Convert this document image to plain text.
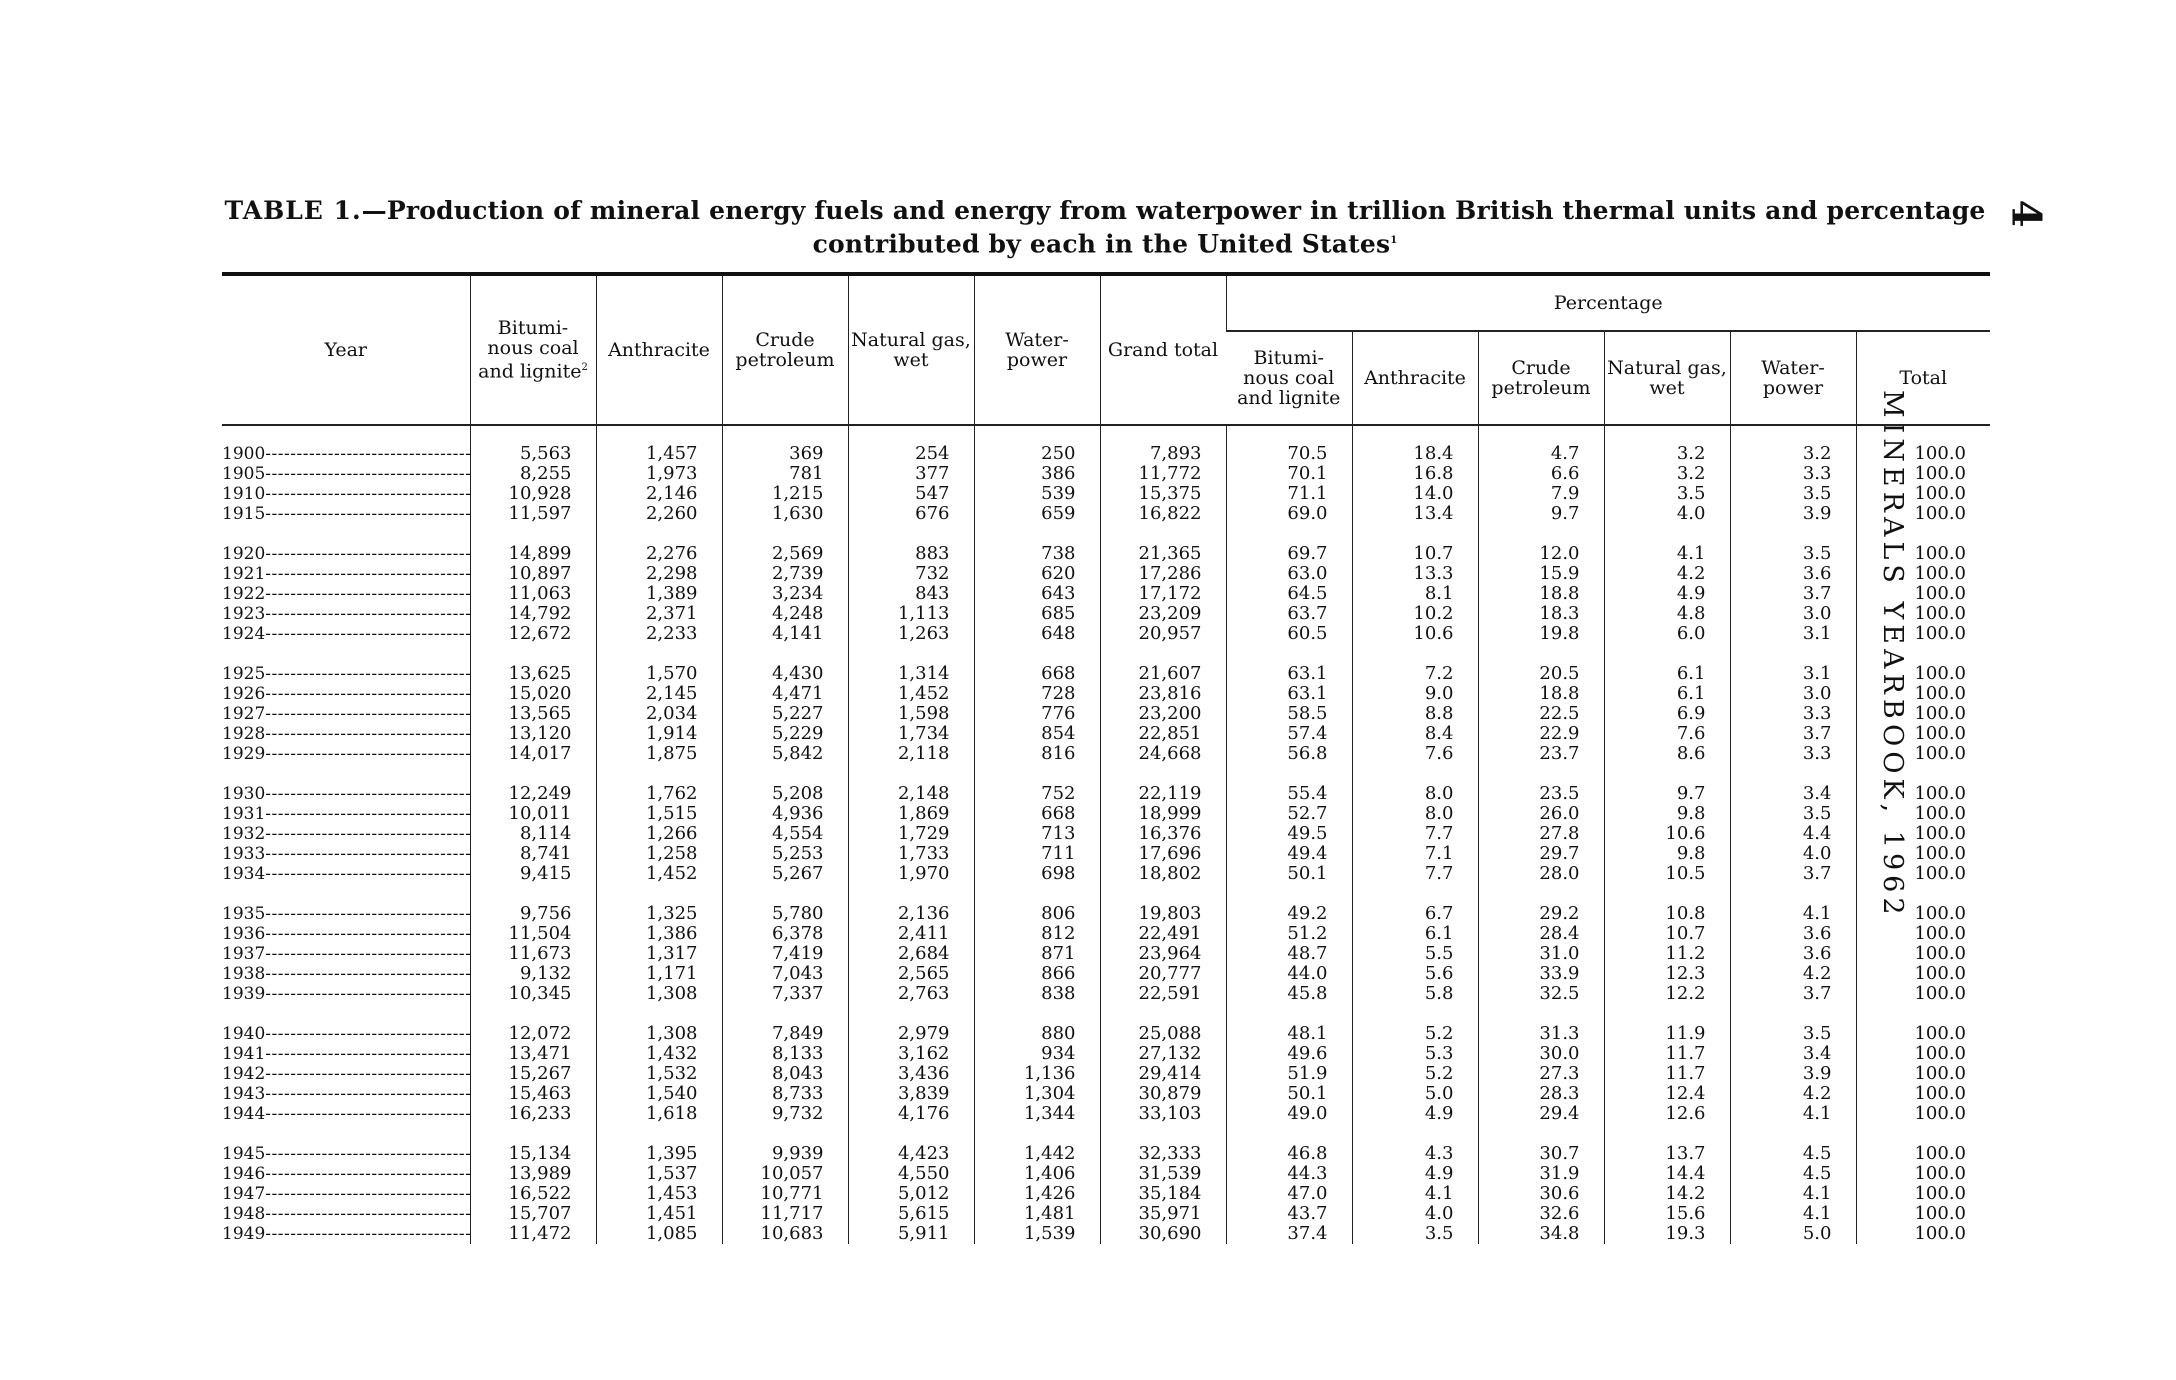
TABLE 1.—Production of mineral energy fuels and energy from waterpower in trillion British thermal units and percentage contributed by each in the United States$^1$
4
MINERALS YEARBOOK, 1962
Year	Bitumi- nous coal and lignite$^2$	Anthracite	Crude petroleum	Natural gas, wet	Water- power	Grand total	Percentage					
							Bitumi- nous coal and lignite	Anthracite	Crude petroleum	Natural gas, wet	Water- power	Total
1900 -----	5,563	1,457	369	254	250	7,893	70.5	18.4	4.7	3.2	3.2	100.0
1905 -----	8,255	1,973	781	377	386	11,772	70.1	16.8	6.6	3.2	3.3	100.0
1910 -----	10,928	2,146	1,215	547	539	15,375	71.1	14.0	7.9	3.5	3.5	100.0
1915 -----	11,597	2,260	1,630	676	659	16,822	69.0	13.4	9.7	4.0	3.9	100.0

1920 -----	14,899	2,276	2,569	883	738	21,365	69.7	10.7	12.0	4.1	3.5	100.0
1921 -----	10,897	2,298	2,739	732	620	17,286	63.0	13.3	15.9	4.2	3.6	100.0
1922 -----	11,063	1,389	3,234	843	643	17,172	64.5	8.1	18.8	4.9	3.7	100.0
1923 -----	14,792	2,371	4,248	1,113	685	23,209	63.7	10.2	18.3	4.8	3.0	100.0
1924 -----	12,672	2,233	4,141	1,263	648	20,957	60.5	10.6	19.8	6.0	3.1	100.0

1925 -----	13,625	1,570	4,430	1,314	668	21,607	63.1	7.2	20.5	6.1	3.1	100.0
1926 -----	15,020	2,145	4,471	1,452	728	23,816	63.1	9.0	18.8	6.1	3.0	100.0
1927 -----	13,565	2,034	5,227	1,598	776	23,200	58.5	8.8	22.5	6.9	3.3	100.0
1928 -----	13,120	1,914	5,229	1,734	854	22,851	57.4	8.4	22.9	7.6	3.7	100.0
1929 -----	14,017	1,875	5,842	2,118	816	24,668	56.8	7.6	23.7	8.6	3.3	100.0

1930 -----	12,249	1,762	5,208	2,148	752	22,119	55.4	8.0	23.5	9.7	3.4	100.0
1931 -----	10,011	1,515	4,936	1,869	668	18,999	52.7	8.0	26.0	9.8	3.5	100.0
1932 -----	8,114	1,266	4,554	1,729	713	16,376	49.5	7.7	27.8	10.6	4.4	100.0
1933 -----	8,741	1,258	5,253	1,733	711	17,696	49.4	7.1	29.7	9.8	4.0	100.0
1934 -----	9,415	1,452	5,267	1,970	698	18,802	50.1	7.7	28.0	10.5	3.7	100.0

1935 -----	9,756	1,325	5,780	2,136	806	19,803	49.2	6.7	29.2	10.8	4.1	100.0
1936 -----	11,504	1,386	6,378	2,411	812	22,491	51.2	6.1	28.4	10.7	3.6	100.0
1937 -----	11,673	1,317	7,419	2,684	871	23,964	48.7	5.5	31.0	11.2	3.6	100.0
1938 -----	9,132	1,171	7,043	2,565	866	20,777	44.0	5.6	33.9	12.3	4.2	100.0
1939 -----	10,345	1,308	7,337	2,763	838	22,591	45.8	5.8	32.5	12.2	3.7	100.0

1940 -----	12,072	1,308	7,849	2,979	880	25,088	48.1	5.2	31.3	11.9	3.5	100.0
1941 -----	13,471	1,432	8,133	3,162	934	27,132	49.6	5.3	30.0	11.7	3.4	100.0
1942 -----	15,267	1,532	8,043	3,436	1,136	29,414	51.9	5.2	27.3	11.7	3.9	100.0
1943 -----	15,463	1,540	8,733	3,839	1,304	30,879	50.1	5.0	28.3	12.4	4.2	100.0
1944 -----	16,233	1,618	9,732	4,176	1,344	33,103	49.0	4.9	29.4	12.6	4.1	100.0

1945 -----	15,134	1,395	9,939	4,423	1,442	32,333	46.8	4.3	30.7	13.7	4.5	100.0
1946 -----	13,989	1,537	10,057	4,550	1,406	31,539	44.3	4.9	31.9	14.4	4.5	100.0
1947 -----	16,522	1,453	10,771	5,012	1,426	35,184	47.0	4.1	30.6	14.2	4.1	100.0
1948 -----	15,707	1,451	11,717	5,615	1,481	35,971	43.7	4.0	32.6	15.6	4.1	100.0
1949 -----	11,472	1,085	10,683	5,911	1,539	30,690	37.4	3.5	34.8	19.3	5.0	100.0
